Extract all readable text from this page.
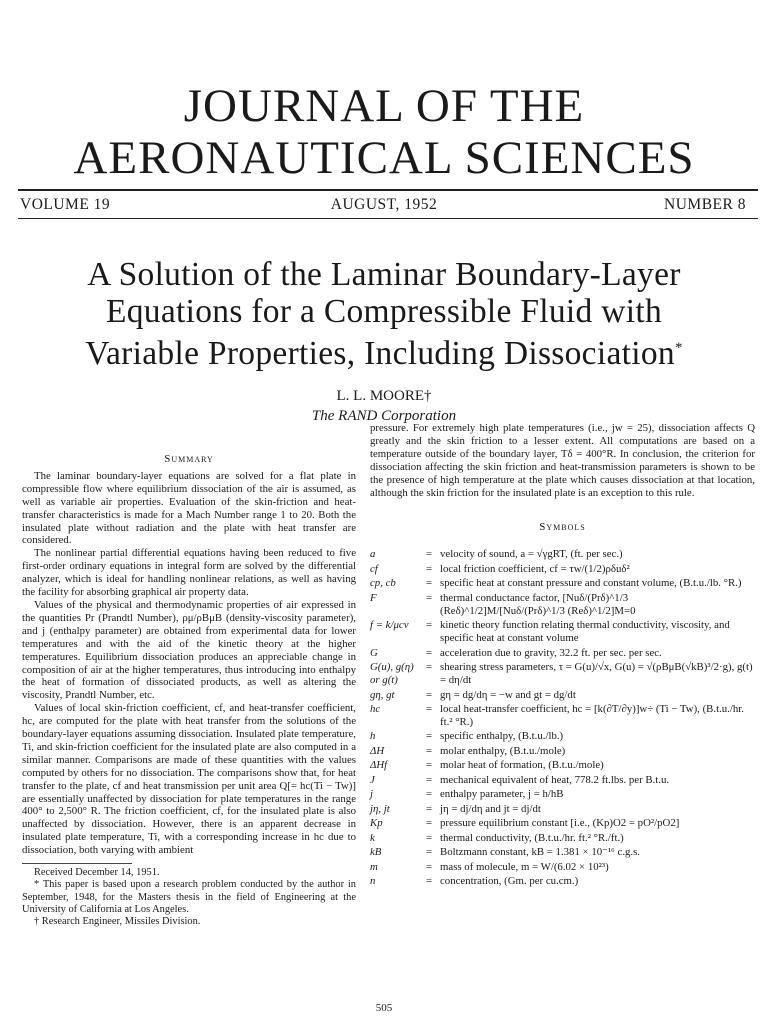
JOURNAL OF THE
AERONAUTICAL SCIENCES
VOLUME 19	AUGUST, 1952	NUMBER 8
A Solution of the Laminar Boundary-Layer
Equations for a Compressible Fluid with
Variable Properties, Including Dissociation*
L. L. MOORE†
The RAND Corporation
Summary

The laminar boundary-layer equations are solved for a flat plate in compressible flow where equilibrium dissociation of the air is assumed, as well as variable air properties. Evaluation of the skin-friction and heat-transfer characteristics is made for a Mach Number range 1 to 20. Both the insulated plate without radiation and the plate with heat transfer are considered.

The nonlinear partial differential equations having been reduced to five first-order ordinary equations in integral form are solved by the differential analyzer, which is ideal for handling nonlinear relations, as well as having the facility for absorbing graphical air property data.

Values of the physical and thermodynamic properties of air expressed in the quantities Pr (Prandtl Number), ρμ/ρBμB (density-viscosity parameter), and j (enthalpy parameter) are obtained from experimental data for lower temperatures and with the aid of the kinetic theory at the higher temperatures. Equilibrium dissociation produces an appreciable change in composition of air at the higher temperatures, thus introducing into enthalpy the heat of formation of dissociated products, as well as altering the viscosity, Prandtl Number, etc.

Values of local skin-friction coefficient, cf, and heat-transfer coefficient, hc, are computed for the plate with heat transfer from the solutions of the boundary-layer equations assuming dissociation. Insulated plate temperature, Ti, and skin-friction coefficient for the insulated plate are also computed in a similar manner. Comparisons are made of these quantities with the values computed by others for no dissociation. The comparisons show that, for heat transfer to the plate, cf and heat transmission per unit area Q[= hc(Ti − Tw)] are essentially unaffected by dissociation for plate temperatures in the range 400° to 2,500° R. The friction coefficient, cf, for the insulated plate is also unaffected by dissociation. However, there is an apparent decrease in insulated plate temperature, Ti, with a corresponding increase in hc due to dissociation, both varying with ambient

Received December 14, 1951.

* This paper is based upon a research problem conducted by the author in September, 1948, for the Masters thesis in the field of Engineering at the University of California at Los Angeles.

† Research Engineer, Missiles Division.

pressure. For extremely high plate temperatures (i.e., jw = 25), dissociation affects Q greatly and the skin friction to a lesser extent. All computations are based on a temperature outside of the boundary layer, Tδ = 400°R. In conclusion, the criterion for dissociation affecting the skin friction and heat-transmission parameters is shown to be the presence of high temperature at the plate which causes dissociation at that location, although the skin friction for the insulated plate is an exception to this rule.

Symbols
a	= velocity of sound, a = √γgRT, (ft. per sec.)
cf	= local friction coefficient, cf = τw/(1/2)ρδuδ²
cp, cb	= specific heat at constant pressure and constant volume, (B.t.u./lb. °R.)
F	= thermal conductance factor, [Nuδ/(Prδ)^1/3 (Reδ)^1/2]M/[Nuδ/(Prδ)^1/3 (Reδ)^1/2]M=0
f = k/μcv	= kinetic theory function relating thermal conductivity, viscosity, and specific heat at constant volume
G	= acceleration due to gravity, 32.2 ft. per sec. per sec.
G(u), g(η) or g(t)
= shearing stress parameters, τ = G(u)/√x, G(u) = √(ρBμB(√kB)³/2·g), g(t) = dη/dt
gη, gt	= gη = dg/dη = −w and gt = dg/dt
hc	= local heat-transfer coefficient, hc = [k(∂T/∂y)]w÷ (Ti − Tw), (B.t.u./hr. ft.² °R.)
h	= specific enthalpy, (B.t.u./lb.)
ΔH	= molar enthalpy, (B.t.u./mole)
ΔHf	= molar heat of formation, (B.t.u./mole)
J	= mechanical equivalent of heat, 778.2 ft.lbs. per B.t.u.
j	= enthalpy parameter, j = h/hB
jη, jt	= jη = dj/dη and jt = dj/dt
Kp	= pressure equilibrium constant [i.e., (Kp)O2 = pO²/pO2]
k	= thermal conductivity, (B.t.u./hr. ft.² °R./ft.)
kB	= Boltzmann constant, kB = 1.381 × 10⁻¹⁶ c.g.s.
m	= mass of molecule, m = W/(6.02 × 10²³)
n	= concentration, (Gm. per cu.cm.)
505
